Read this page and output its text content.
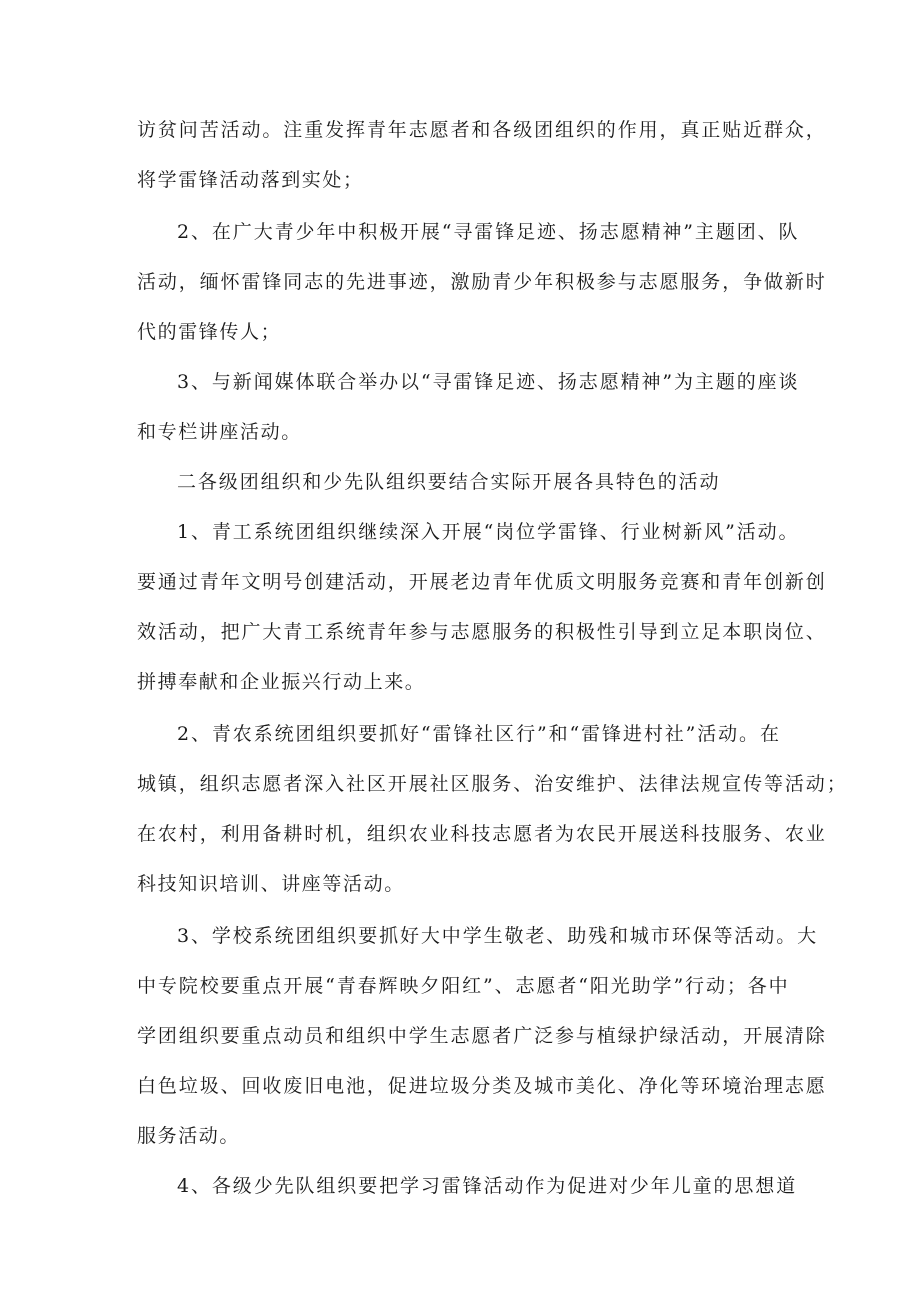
访贫问苦活动。注重发挥青年志愿者和各级团组织的作用，真正贴近群众，
将学雷锋活动落到实处；
2、在广大青少年中积极开展“寻雷锋足迹、扬志愿精神”主题团、队
活动，缅怀雷锋同志的先进事迹，激励青少年积极参与志愿服务，争做新时
代的雷锋传人；
3、与新闻媒体联合举办以“寻雷锋足迹、扬志愿精神”为主题的座谈
和专栏讲座活动。
二各级团组织和少先队组织要结合实际开展各具特色的活动
1、青工系统团组织继续深入开展“岗位学雷锋、行业树新风”活动。
要通过青年文明号创建活动，开展老边青年优质文明服务竞赛和青年创新创
效活动，把广大青工系统青年参与志愿服务的积极性引导到立足本职岗位、
拼搏奉献和企业振兴行动上来。
2、青农系统团组织要抓好“雷锋社区行”和“雷锋进村社”活动。在
城镇，组织志愿者深入社区开展社区服务、治安维护、法律法规宣传等活动；
在农村，利用备耕时机，组织农业科技志愿者为农民开展送科技服务、农业
科技知识培训、讲座等活动。
3、学校系统团组织要抓好大中学生敬老、助残和城市环保等活动。大
中专院校要重点开展“青春辉映夕阳红”、志愿者“阳光助学”行动；各中
学团组织要重点动员和组织中学生志愿者广泛参与植绿护绿活动，开展清除
白色垃圾、回收废旧电池，促进垃圾分类及城市美化、净化等环境治理志愿
服务活动。
4、各级少先队组织要把学习雷锋活动作为促进对少年儿童的思想道
